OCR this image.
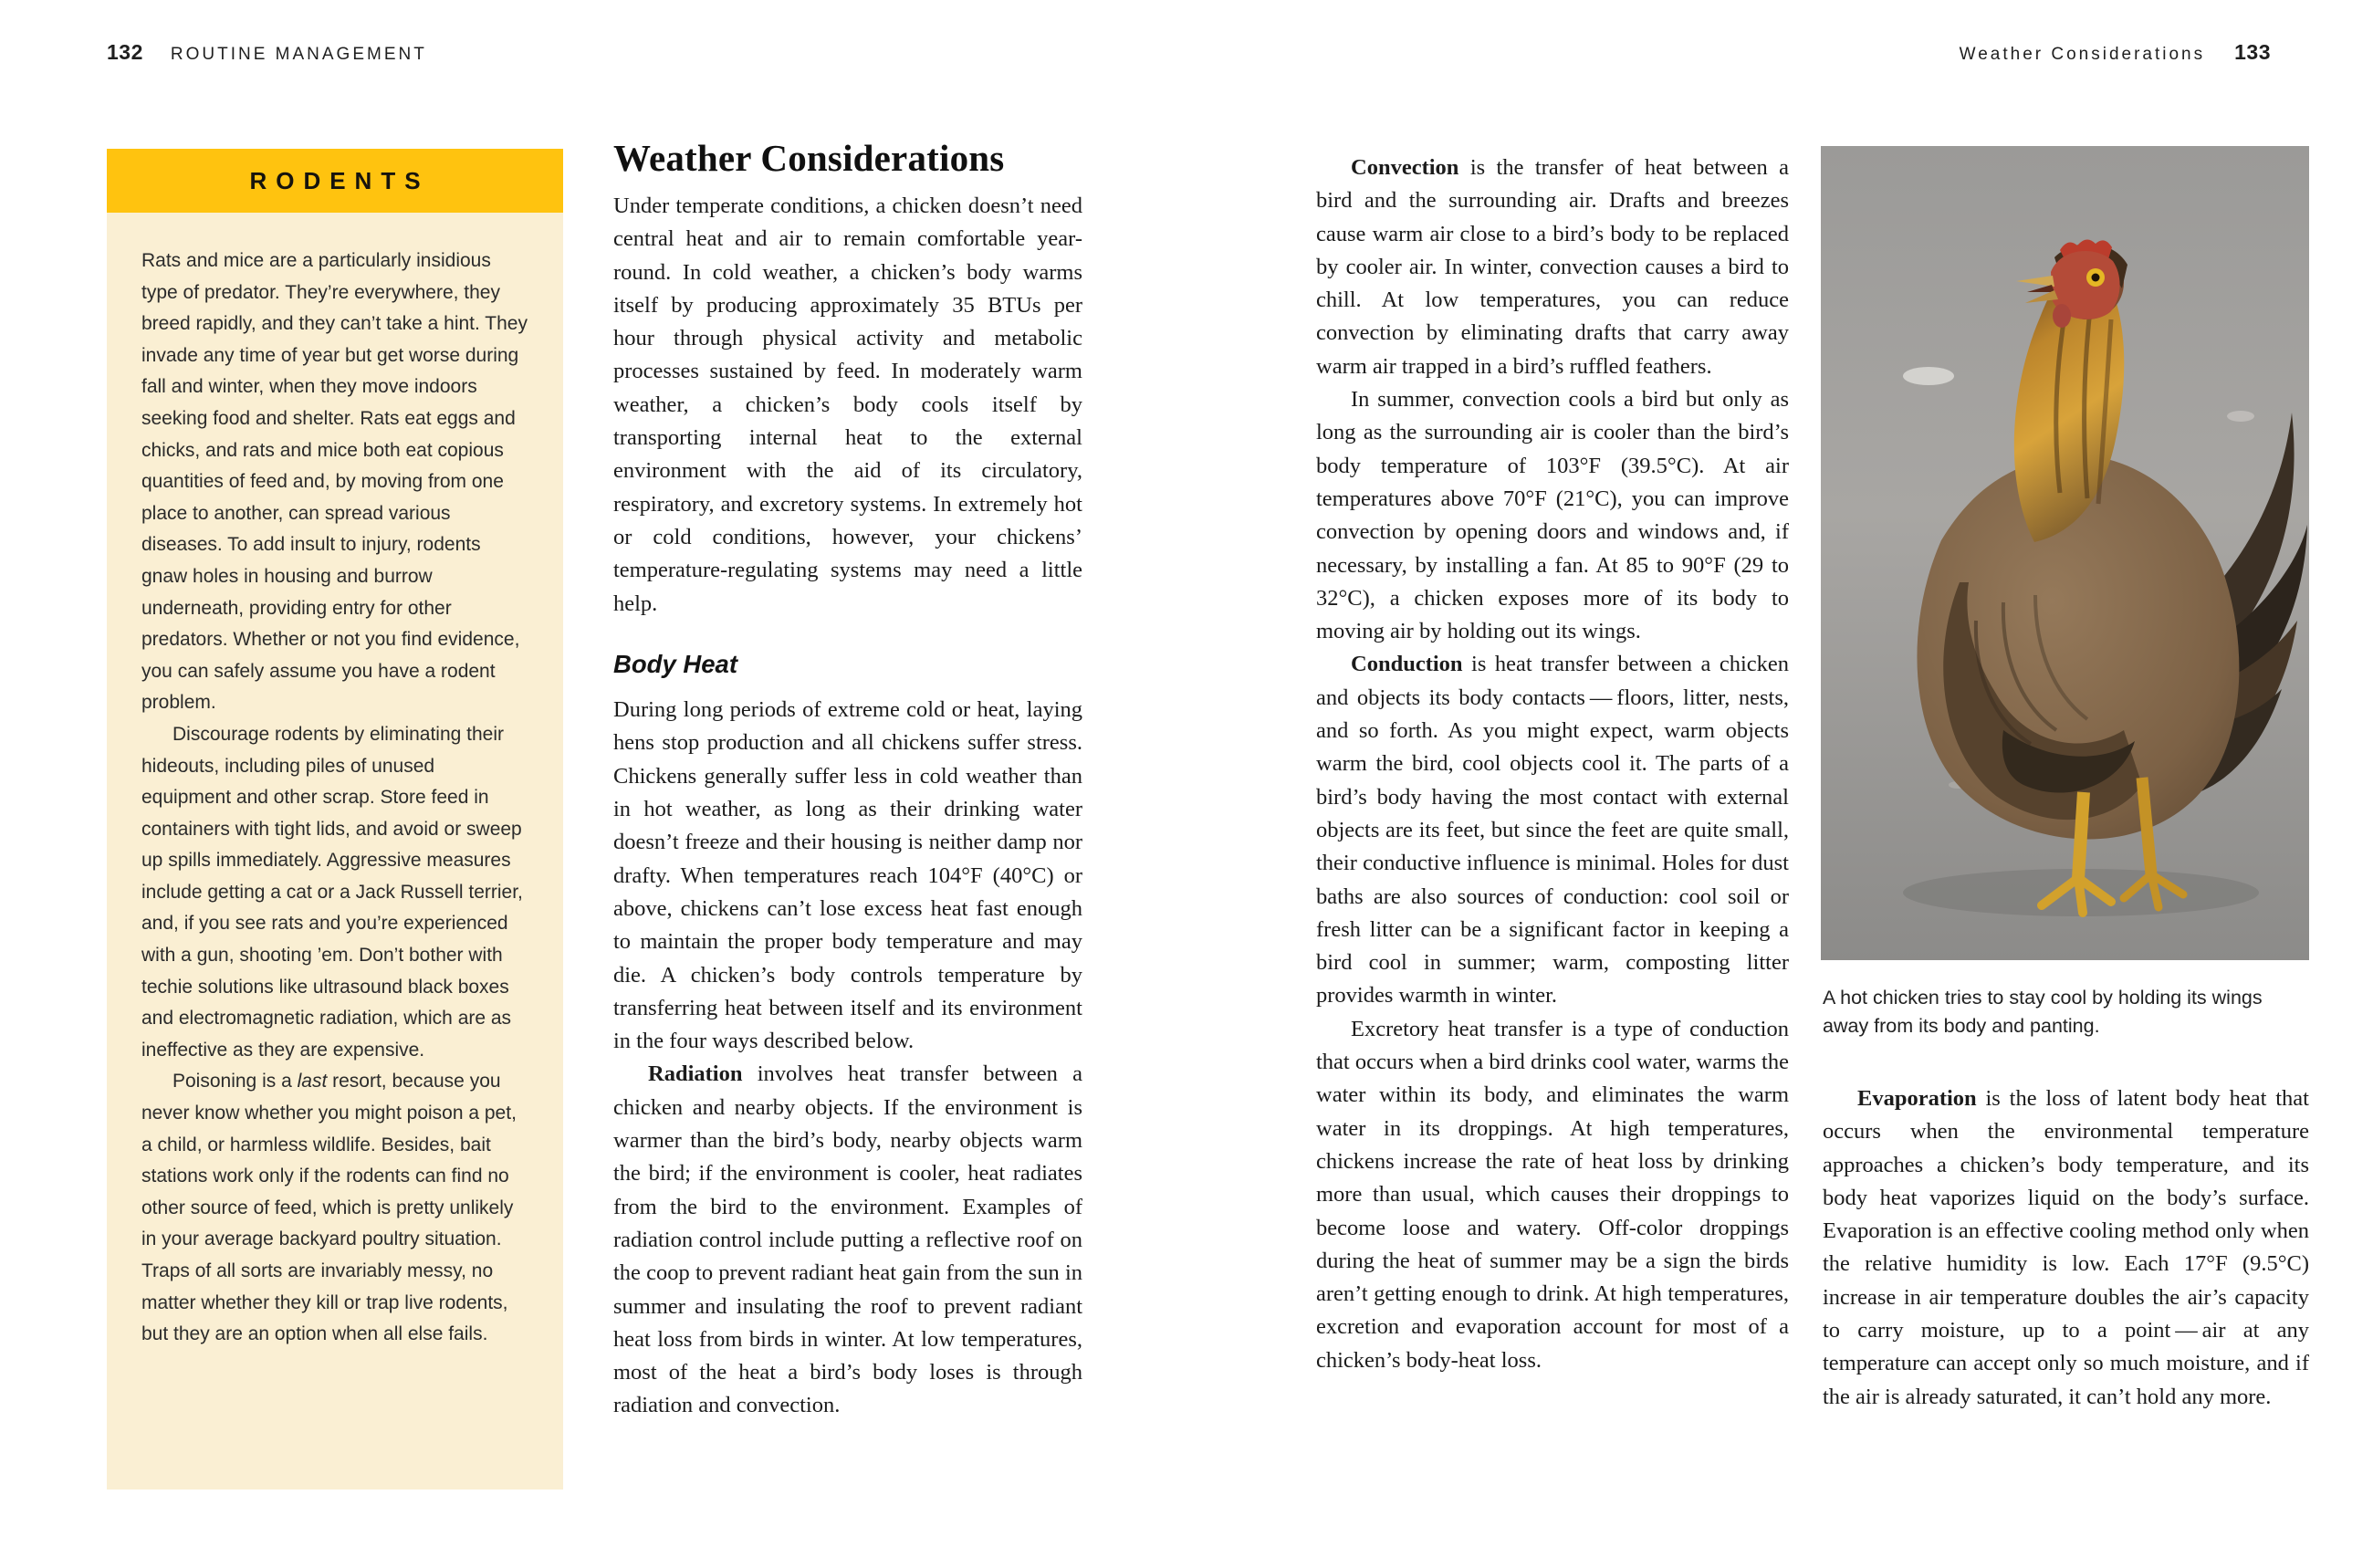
132 ROUTINE MANAGEMENT	Weather Considerations 133
RODENTS

Rats and mice are a particularly insidious type of predator. They’re everywhere, they breed rapidly, and they can’t take a hint. They invade any time of year but get worse during fall and winter, when they move indoors seeking food and shelter. Rats eat eggs and chicks, and rats and mice both eat copious quantities of feed and, by moving from one place to another, can spread various diseases. To add insult to injury, rodents gnaw holes in housing and burrow underneath, providing entry for other predators. Whether or not you find evidence, you can safely assume you have a rodent problem.

Discourage rodents by eliminating their hideouts, including piles of unused equipment and other scrap. Store feed in containers with tight lids, and avoid or sweep up spills immediately. Aggressive measures include getting a cat or a Jack Russell terrier, and, if you see rats and you’re experienced with a gun, shooting ’em. Don’t bother with techie solutions like ultrasound black boxes and electromagnetic radiation, which are as ineffective as they are expensive.

Poisoning is a last resort, because you never know whether you might poison a pet, a child, or harmless wildlife. Besides, bait stations work only if the rodents can find no other source of feed, which is pretty unlikely in your average backyard poultry situation. Traps of all sorts are invariably messy, no matter whether they kill or trap live rodents, but they are an option when all else fails.

Weather Considerations

Under temperate conditions, a chicken doesn’t need central heat and air to remain comfortable year-round. In cold weather, a chicken’s body warms itself by producing approximately 35 BTUs per hour through physical activity and metabolic processes sustained by feed. In moderately warm weather, a chicken’s body cools itself by transporting internal heat to the external environment with the aid of its circulatory, respiratory, and excretory systems. In extremely hot or cold conditions, however, your chickens’ temperature-regulating systems may need a little help.

Body Heat

During long periods of extreme cold or heat, laying hens stop production and all chickens suffer stress. Chickens generally suffer less in cold weather than in hot weather, as long as their drinking water doesn’t freeze and their housing is neither damp nor drafty. When temperatures reach 104°F (40°C) or above, chickens can’t lose excess heat fast enough to maintain the proper body temperature and may die. A chicken’s body controls temperature by transferring heat between itself and its environment in the four ways described below.

Radiation involves heat transfer between a chicken and nearby objects. If the environment is warmer than the bird’s body, nearby objects warm the bird; if the environment is cooler, heat radiates from the bird to the environment. Examples of radiation control include putting a reflective roof on the coop to prevent radiant heat gain from the sun in summer and insulating the roof to prevent radiant heat loss from birds in winter. At low temperatures, most of the heat a bird’s body loses is through radiation and convection.

Convection is the transfer of heat between a bird and the surrounding air. Drafts and breezes cause warm air close to a bird’s body to be replaced by cooler air. In winter, convection causes a bird to chill. At low temperatures, you can reduce convection by eliminating drafts that carry away warm air trapped in a bird’s ruffled feathers.

In summer, convection cools a bird but only as long as the surrounding air is cooler than the bird’s body temperature of 103°F (39.5°C). At air temperatures above 70°F (21°C), you can improve convection by opening doors and windows and, if necessary, by installing a fan. At 85 to 90°F (29 to 32°C), a chicken exposes more of its body to moving air by holding out its wings.

Conduction is heat transfer between a chicken and objects its body contacts — floors, litter, nests, and so forth. As you might expect, warm objects warm the bird, cool objects cool it. The parts of a bird’s body having the most contact with external objects are its feet, but since the feet are quite small, their conductive influence is minimal. Holes for dust baths are also sources of conduction: cool soil or fresh litter can be a significant factor in keeping a bird cool in summer; warm, composting litter provides warmth in winter.

Excretory heat transfer is a type of conduction that occurs when a bird drinks cool water, warms the water within its body, and eliminates the warm water in its droppings. At high temperatures, chickens increase the rate of heat loss by drinking more than usual, which causes their droppings to become loose and watery. Off-color droppings during the heat of summer may be a sign the birds aren’t getting enough to drink. At high temperatures, excretion and evaporation account for most of a chicken’s body-heat loss.

A hot chicken tries to stay cool by holding its wings away from its body and panting.

Evaporation is the loss of latent body heat that occurs when the environmental temperature approaches a chicken’s body temperature, and its body heat vaporizes liquid on the body’s surface. Evaporation is an effective cooling method only when the relative humidity is low. Each 17°F (9.5°C) increase in air temperature doubles the air’s capacity to carry moisture, up to a point — air at any temperature can accept only so much moisture, and if the air is already saturated, it can’t hold any more.
